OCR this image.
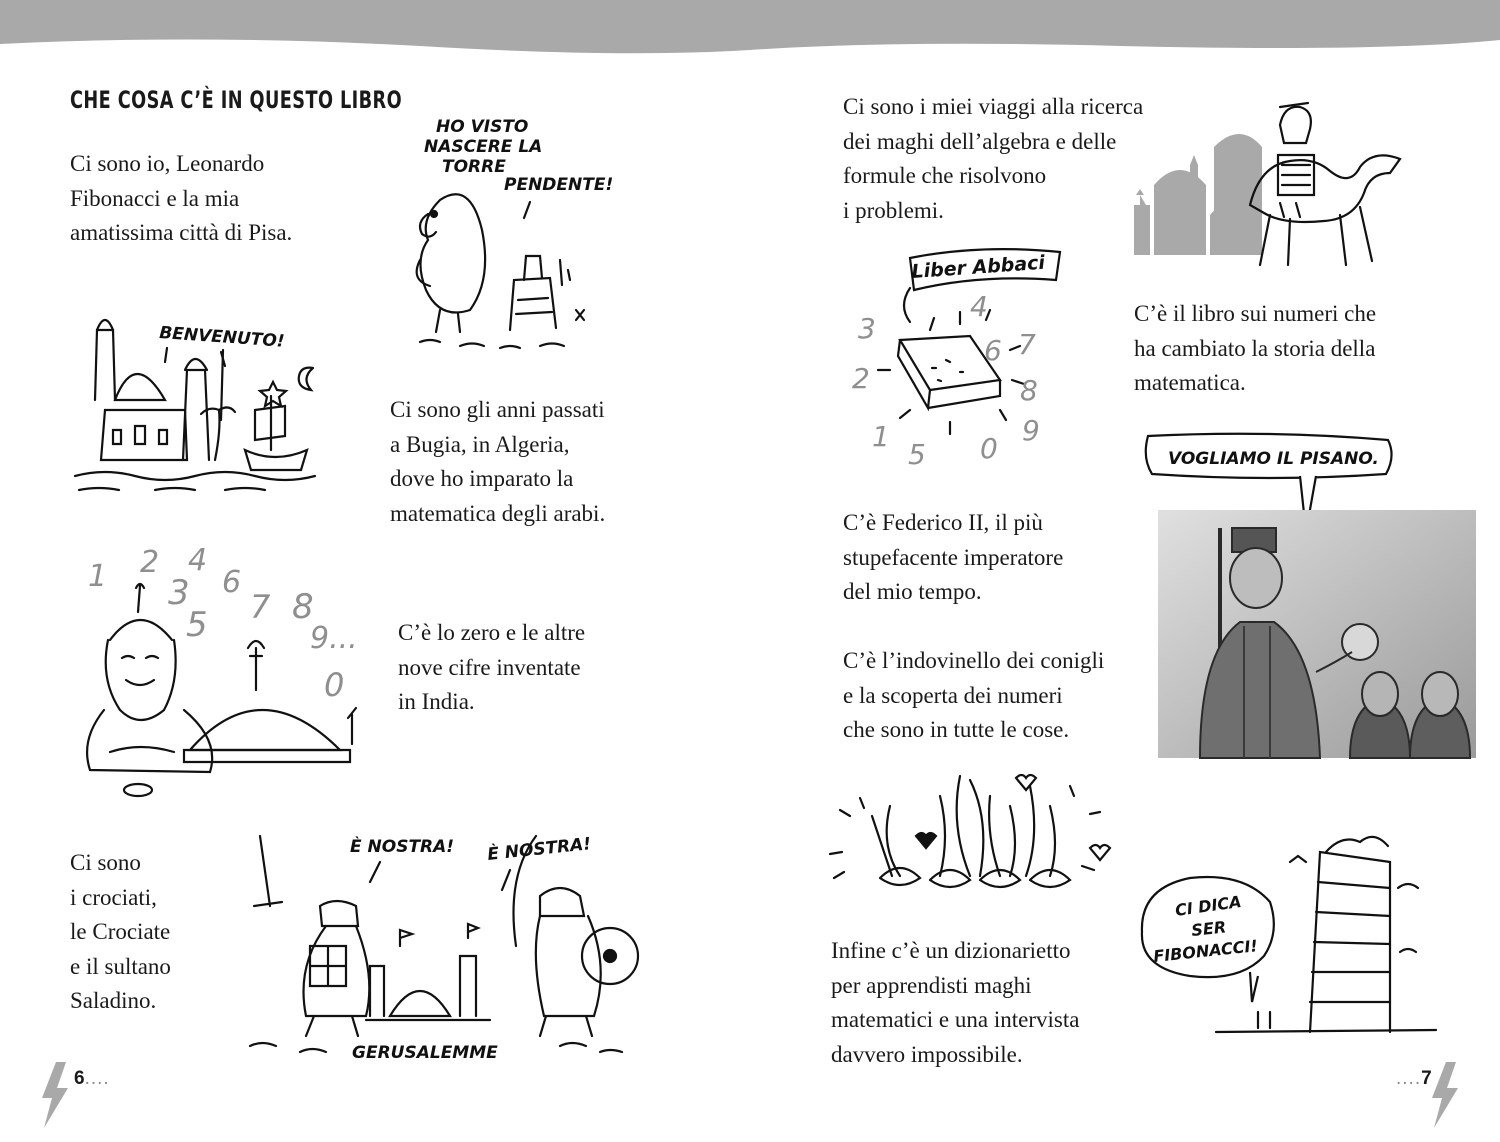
CHE COSA C’È IN QUESTO LIBRO
Ci sono io, Leonardo
Fibonacci e la mia
amatissima città di Pisa.
Ci sono gli anni passati
a Bugia, in Algeria,
dove ho imparato la
matematica degli arabi.
C’è lo zero e le altre
nove cifre inventate
in India.
Ci sono
i crociati,
le Crociate
e il sultano
Saladino.
HO VISTO
NASCERE LA
TORRE
PENDENTE!
BENVENUTO!
1 2 4
3 6
5 7 8
9...
0
È NOSTRA! È NOSTRA!
GERUSALEMME
6....
Ci sono i miei viaggi alla ricerca
dei maghi dell’algebra e delle
formule che risolvono
i problemi.
C’è il libro sui numeri che
ha cambiato la storia della
matematica.
C’è Federico II, il più
stupefacente imperatore
del mio tempo.
C’è l’indovinello dei conigli
e la scoperta dei numeri
che sono in tutte le cose.
Infine c’è un dizionarietto
per apprendisti maghi
matematici e una intervista
davvero impossibile.
Liber Abbaci
3
4
2
6 7
8
1
5 0
9
VOGLIAMO IL PISANO.
CI DICA
SER
FIBONACCI!
....7
